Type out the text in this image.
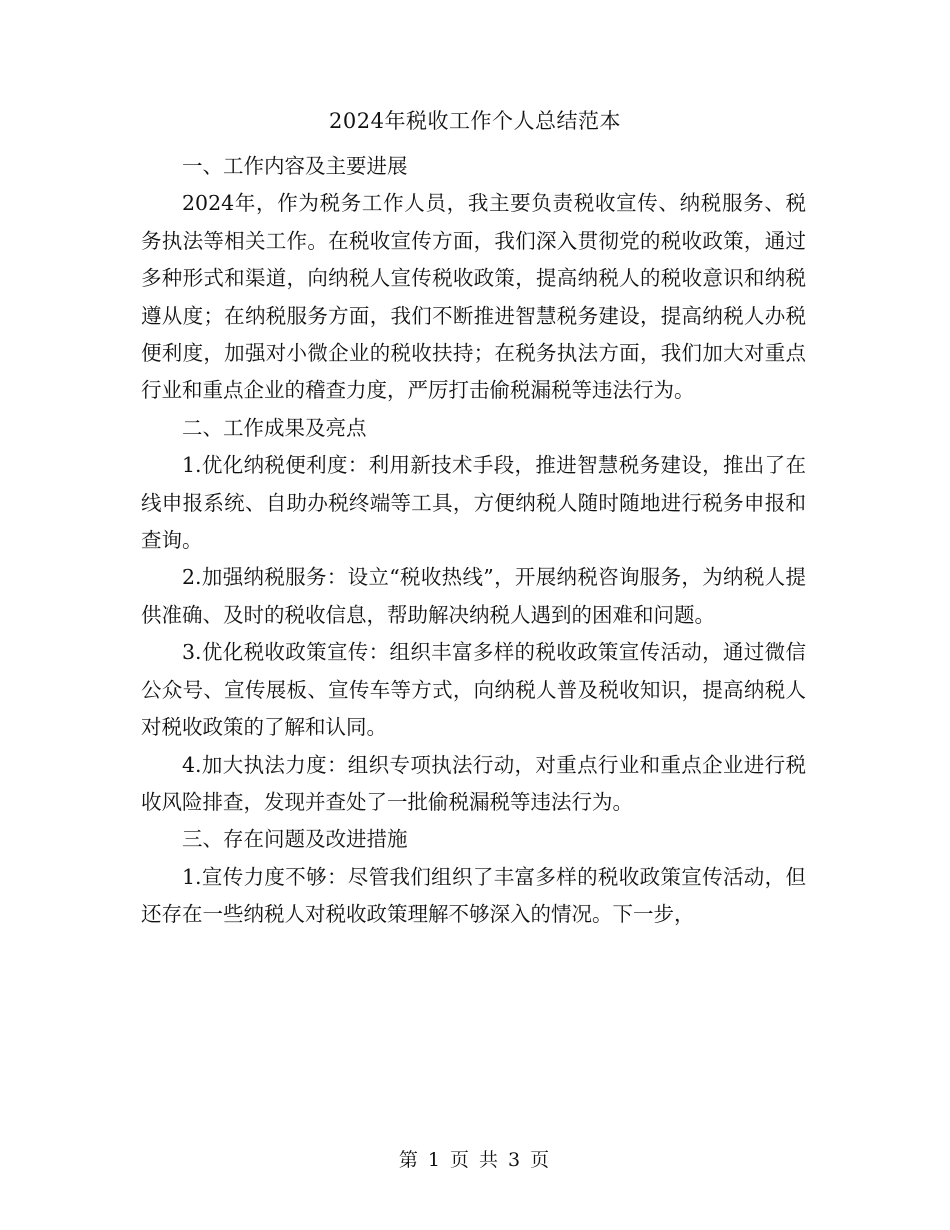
2024年税收工作个人总结范本

一、工作内容及主要进展

2024年，作为税务工作人员，我主要负责税收宣传、纳税服务、税务执法等相关工作。在税收宣传方面，我们深入贯彻党的税收政策，通过多种形式和渠道，向纳税人宣传税收政策，提高纳税人的税收意识和纳税遵从度；在纳税服务方面，我们不断推进智慧税务建设，提高纳税人办税便利度，加强对小微企业的税收扶持；在税务执法方面，我们加大对重点行业和重点企业的稽查力度，严厉打击偷税漏税等违法行为。

二、工作成果及亮点

1.优化纳税便利度：利用新技术手段，推进智慧税务建设，推出了在线申报系统、自助办税终端等工具，方便纳税人随时随地进行税务申报和查询。

2.加强纳税服务：设立“税收热线”，开展纳税咨询服务，为纳税人提供准确、及时的税收信息，帮助解决纳税人遇到的困难和问题。

3.优化税收政策宣传：组织丰富多样的税收政策宣传活动，通过微信公众号、宣传展板、宣传车等方式，向纳税人普及税收知识，提高纳税人对税收政策的了解和认同。

4.加大执法力度：组织专项执法行动，对重点行业和重点企业进行税收风险排查，发现并查处了一批偷税漏税等违法行为。

三、存在问题及改进措施

1.宣传力度不够：尽管我们组织了丰富多样的税收政策宣传活动，但还存在一些纳税人对税收政策理解不够深入的情况。下一步，

第 1 页 共 3 页
